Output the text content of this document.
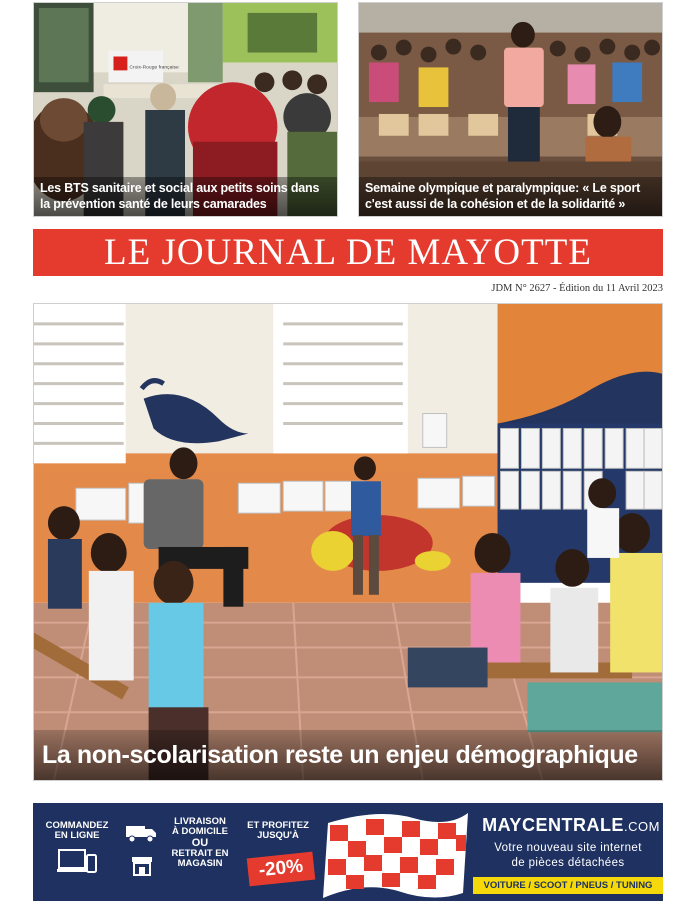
Croix-Rouge française
Les BTS sanitaire et social aux petits soins dans la prévention santé de leurs camarades
Semaine olympique et paralympique: « Le sport c'est aussi de la cohésion et de la solidarité »
LE JOURNAL DE MAYOTTE
JDM N° 2627 - Édition du 11 Avril 2023
La non-scolarisation reste un enjeu démographique
COMMANDEZ EN LIGNE
LIVRAISON À DOMICILE
OU
RETRAIT EN MAGASIN
ET PROFITEZ JUSQU'À
-20%
MAYCENTRALE.COM
Votre nouveau site internet
de pièces détachées
VOITURE / SCOOT / PNEUS / TUNING
